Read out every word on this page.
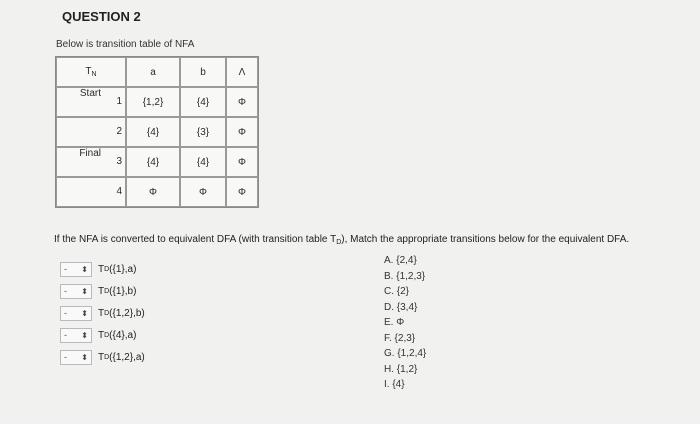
QUESTION 2
Below is transition table of NFA
$T_N$	a	b	Λ
Start
1	{1,2}	{4}	Φ

2	{4}	{3}	Φ
Final
3	{4}	{4}	Φ

4	Φ	Φ	Φ
If the NFA is converted to equivalent DFA (with transition table $T_D$), Match the appropriate transitions below for the equivalent DFA.
- ⬍ T D ({1},a)
- ⬍ T D ({1},b)
- ⬍ T D ({1,2},b)
- ⬍ T D ({4},a)
- ⬍ T D ({1,2},a)
A. {2,4}
B. {1,2,3}
C. {2}
D. {3,4}
E. Φ
F. {2,3}
G. {1,2,4}
H. {1,2}
I. {4}
